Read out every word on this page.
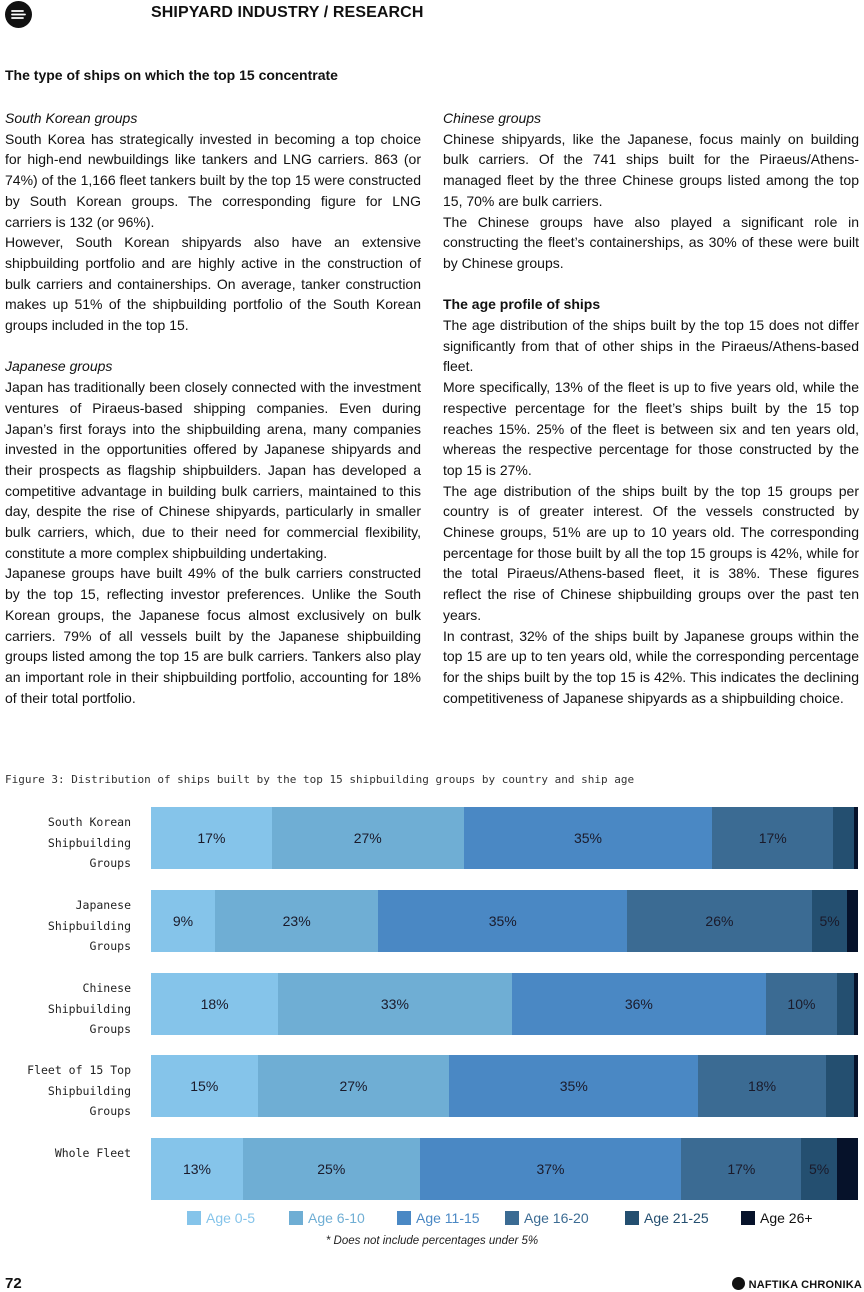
SHIPYARD INDUSTRY / RESEARCH
The type of ships on which the top 15 concentrate

South Korean groups

South Korea has strategically invested in becoming a top choice for high-end newbuildings like tankers and LNG carriers. 863 (or 74%) of the 1,166 fleet tankers built by the top 15 were constructed by South Korean groups. The corresponding figure for LNG carriers is 132 (or 96%).

However, South Korean shipyards also have an extensive shipbuilding portfolio and are highly active in the construction of bulk carriers and containerships. On average, tanker construction makes up 51% of the shipbuilding portfolio of the South Korean groups included in the top 15.

Japanese groups

Japan has traditionally been closely connected with the investment ventures of Piraeus-based shipping companies. Even during Japan’s first forays into the shipbuilding arena, many companies invested in the opportunities offered by Japanese shipyards and their prospects as flagship shipbuilders. Japan has developed a competitive advantage in building bulk carriers, maintained to this day, despite the rise of Chinese shipyards, particularly in smaller bulk carriers, which, due to their need for commercial flexibility, constitute a more complex shipbuilding undertaking.

Japanese groups have built 49% of the bulk carriers constructed by the top 15, reflecting investor preferences. Unlike the South Korean groups, the Japanese focus almost exclusively on bulk carriers. 79% of all vessels built by the Japanese shipbuilding groups listed among the top 15 are bulk carriers. Tankers also play an important role in their shipbuilding portfolio, accounting for 18% of their total portfolio.

Chinese groups

Chinese shipyards, like the Japanese, focus mainly on building bulk carriers. Of the 741 ships built for the Piraeus/Athens-managed fleet by the three Chinese groups listed among the top 15, 70% are bulk carriers.

The Chinese groups have also played a significant role in constructing the fleet’s containerships, as 30% of these were built by Chinese groups.

The age profile of ships

The age distribution of the ships built by the top 15 does not differ significantly from that of other ships in the Piraeus/Athens-based fleet.

More specifically, 13% of the fleet is up to five years old, while the respective percentage for the fleet’s ships built by the 15 top reaches 15%. 25% of the fleet is between six and ten years old, whereas the respective percentage for those constructed by the top 15 is 27%.

The age distribution of the ships built by the top 15 groups per country is of greater interest. Of the vessels constructed by Chinese groups, 51% are up to 10 years old. The corresponding percentage for those built by all the top 15 groups is 42%, while for the total Piraeus/Athens-based fleet, it is 38%. These figures reflect the rise of Chinese shipbuilding groups over the past ten years.

In contrast, 32% of the ships built by Japanese groups within the top 15 are up to ten years old, while the corresponding percentage for the ships built by the top 15 is 42%. This indicates the declining competitiveness of Japanese shipyards as a shipbuilding choice.

Figure 3: Distribution of ships built by the top 15 shipbuilding groups by country and ship age
South Korean
Shipbuilding Groups
17%	27%	35%	17%
Japanese
Shipbuilding Groups
9%	23%	35%	26%	5%
Chinese
Shipbuilding Groups
18%	33%	36%	10%
Fleet of 15 Top
Shipbuilding Groups
15%	27%	35%	18%
Whole Fleet
13%	25%	37%	17%	5%
Age 0-5	Age 6-10	Age 11-15	Age 16-20	Age 21-25	Age 26+
* Does not include percentages under 5%
72	NAFTIKA CHRONIKA
